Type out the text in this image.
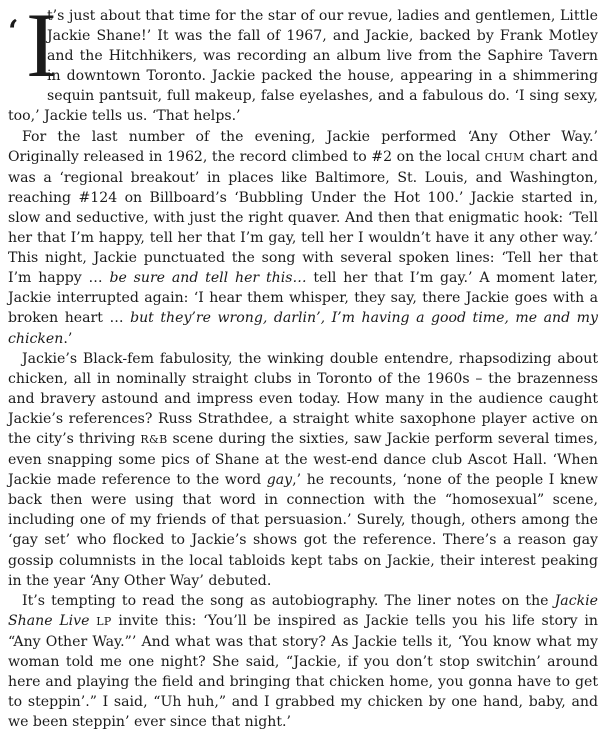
‘ I
t’s just about that time for the star of our revue, ladies and gentlemen, Little Jackie Shane!’ It was the fall of 1967, and Jackie, backed by Frank Motley and the Hitchhikers, was recording an album live from the Saphire Tavern in downtown Toronto. Jackie packed the house, appearing in a shimmering sequin pantsuit, full makeup, false eyelashes, and a fabulous do. ‘I sing sexy, too,’ Jackie tells us. ‘That helps.’

For the last number of the evening, Jackie performed ‘Any Other Way.’ Originally released in 1962, the record climbed to #2 on the local CHUM chart and was a ‘regional breakout’ in places like Baltimore, St. Louis, and Washington, reaching #124 on Billboard’s ‘Bubbling Under the Hot 100.’ Jackie started in, slow and seductive, with just the right quaver. And then that enigmatic hook: ‘Tell her that I’m happy, tell her that I’m gay, tell her I wouldn’t have it any other way.’ This night, Jackie punctuated the song with several spoken lines: ‘Tell her that I’m happy … be sure and tell her this… tell her that I’m gay.’ A moment later, Jackie interrupted again: ‘I hear them whisper, they say, there Jackie goes with a broken heart … but they’re wrong, darlin’, I’m having a good time, me and my chicken.’

Jackie’s Black-fem fabulosity, the winking double entendre, rhapsodizing about chicken, all in nominally straight clubs in Toronto of the 1960s – the brazenness and bravery astound and impress even today. How many in the audience caught Jackie’s references? Russ Strathdee, a straight white saxophone player active on the city’s thriving R&B scene during the sixties, saw Jackie perform several times, even snapping some pics of Shane at the west-end dance club Ascot Hall. ‘When Jackie made reference to the word gay,’ he recounts, ‘none of the people I knew back then were using that word in connection with the “homosexual” scene, including one of my friends of that persuasion.’ Surely, though, others among the ‘gay set’ who flocked to Jackie’s shows got the reference. There’s a reason gay gossip columnists in the local tabloids kept tabs on Jackie, their interest peaking in the year ‘Any Other Way’ debuted.

It’s tempting to read the song as autobiography. The liner notes on the Jackie Shane Live LP invite this: ‘You’ll be inspired as Jackie tells you his life story in “Any Other Way.”’ And what was that story? As Jackie tells it, ‘You know what my woman told me one night? She said, “Jackie, if you don’t stop switchin’ around here and playing the field and bringing that chicken home, you gonna have to get to steppin’.” I said, “Uh huh,” and I grabbed my chicken by one hand, baby, and we been steppin’ ever since that night.’
